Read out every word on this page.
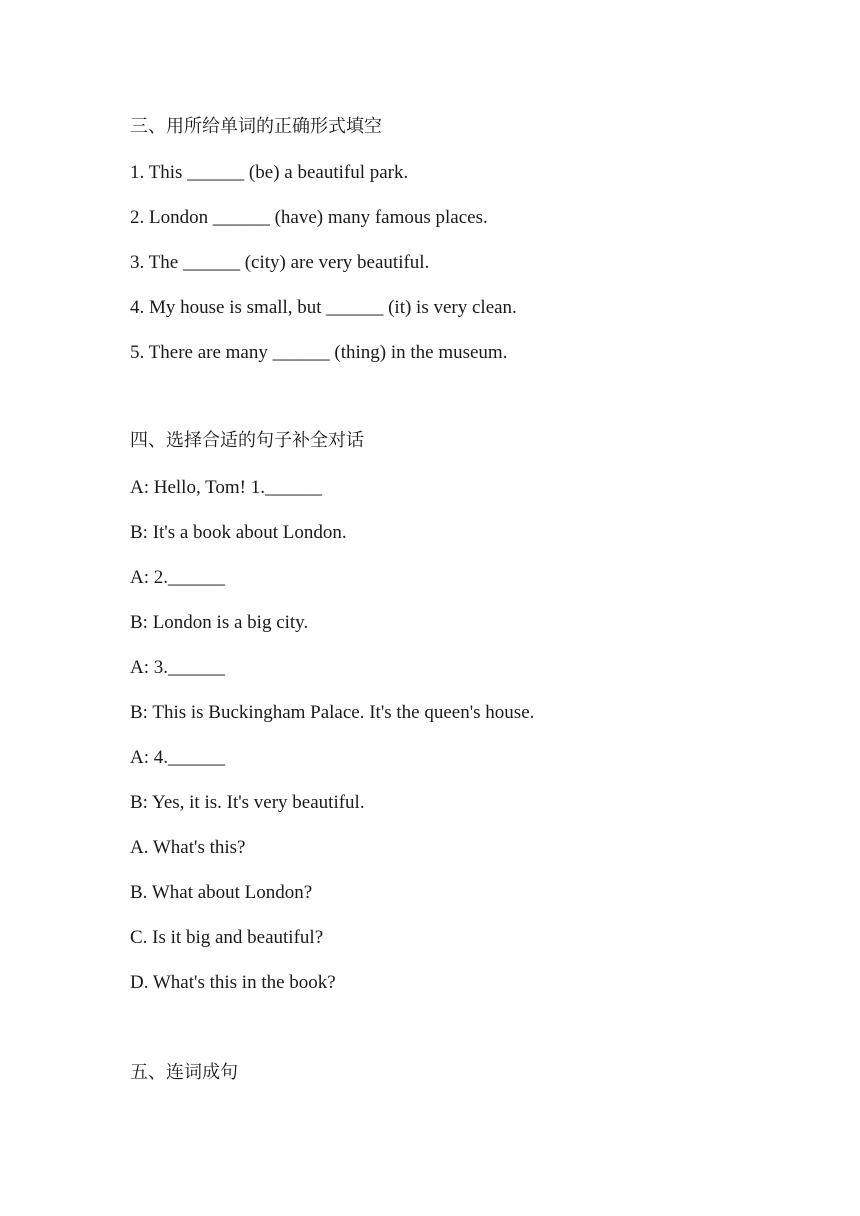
三、用所给单词的正确形式填空
1. This ______ (be) a beautiful park.
2. London ______ (have) many famous places.
3. The ______ (city) are very beautiful.
4. My house is small, but ______ (it) is very clean.
5. There are many ______ (thing) in the museum.
四、选择合适的句子补全对话
A: Hello, Tom! 1.______
B: It's a book about London.
A: 2.______
B: London is a big city.
A: 3.______
B: This is Buckingham Palace. It's the queen's house.
A: 4.______
B: Yes, it is. It's very beautiful.
A. What's this?
B. What about London?
C. Is it big and beautiful?
D. What's this in the book?
五、连词成句
